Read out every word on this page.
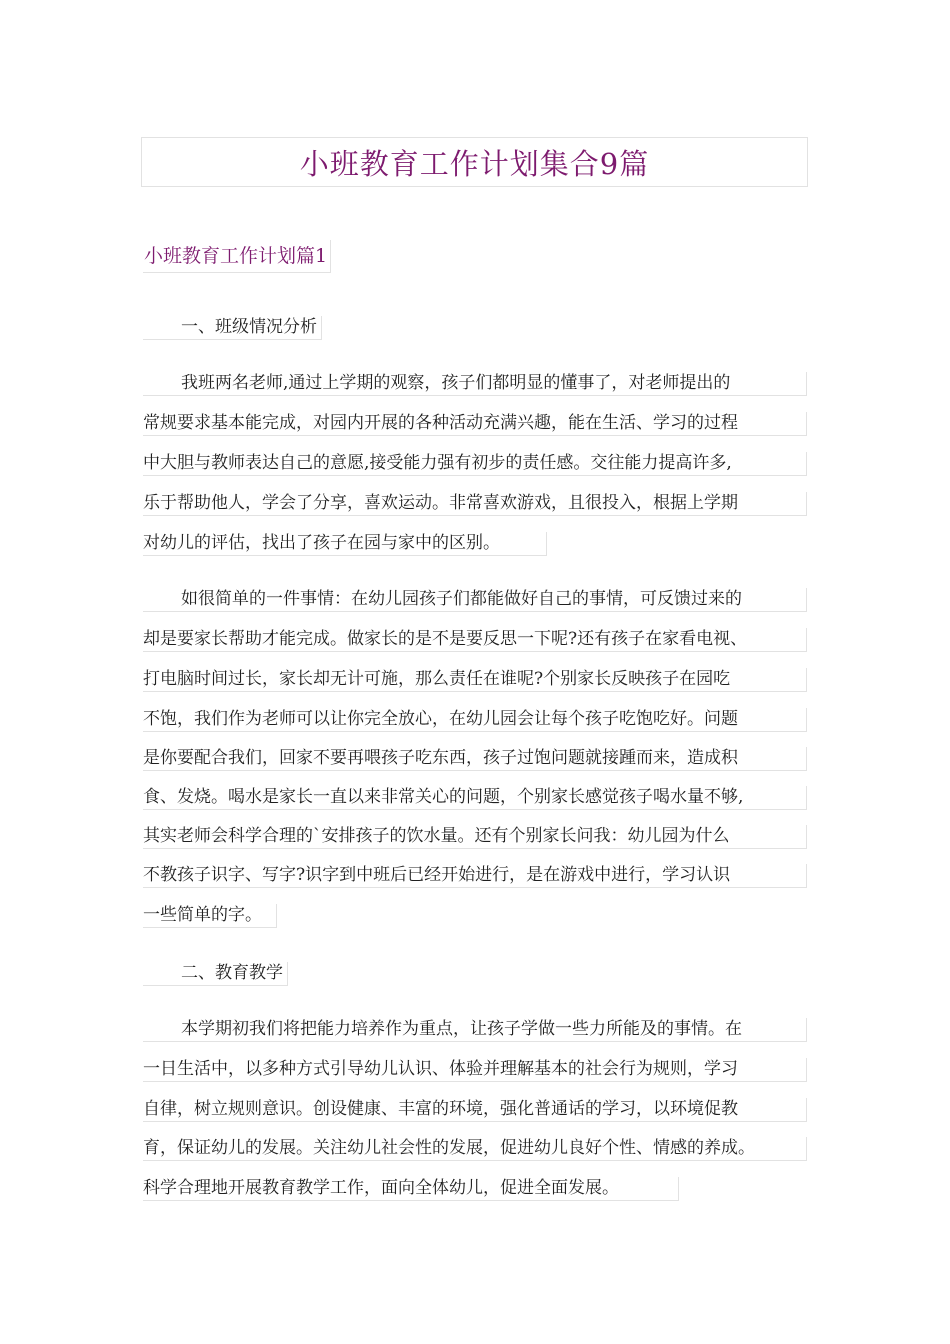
小班教育工作计划集合9篇
小班教育工作计划篇1
一、班级情况分析
我班两名老师,通过上学期的观察，孩子们都明显的懂事了，对老师提出的
常规要求基本能完成，对园内开展的各种活动充满兴趣，能在生活、学习的过程
中大胆与教师表达自己的意愿,接受能力强有初步的责任感。交往能力提高许多,
乐于帮助他人，学会了分享，喜欢运动。非常喜欢游戏，且很投入，根据上学期
对幼儿的评估，找出了孩子在园与家中的区别。
如很简单的一件事情：在幼儿园孩子们都能做好自己的事情，可反馈过来的
却是要家长帮助才能完成。做家长的是不是要反思一下呢?还有孩子在家看电视、
打电脑时间过长，家长却无计可施，那么责任在谁呢?个别家长反映孩子在园吃
不饱，我们作为老师可以让你完全放心，在幼儿园会让每个孩子吃饱吃好。问题
是你要配合我们，回家不要再喂孩子吃东西，孩子过饱问题就接踵而来，造成积
食、发烧。喝水是家长一直以来非常关心的问题，个别家长感觉孩子喝水量不够,
其实老师会科学合理的`安排孩子的饮水量。还有个别家长问我：幼儿园为什么
不教孩子识字、写字?识字到中班后已经开始进行，是在游戏中进行，学习认识
一些简单的字。
二、教育教学
本学期初我们将把能力培养作为重点，让孩子学做一些力所能及的事情。在
一日生活中，以多种方式引导幼儿认识、体验并理解基本的社会行为规则，学习
自律，树立规则意识。创设健康、丰富的环境，强化普通话的学习，以环境促教
育，保证幼儿的发展。关注幼儿社会性的发展，促进幼儿良好个性、情感的养成。
科学合理地开展教育教学工作，面向全体幼儿，促进全面发展。
